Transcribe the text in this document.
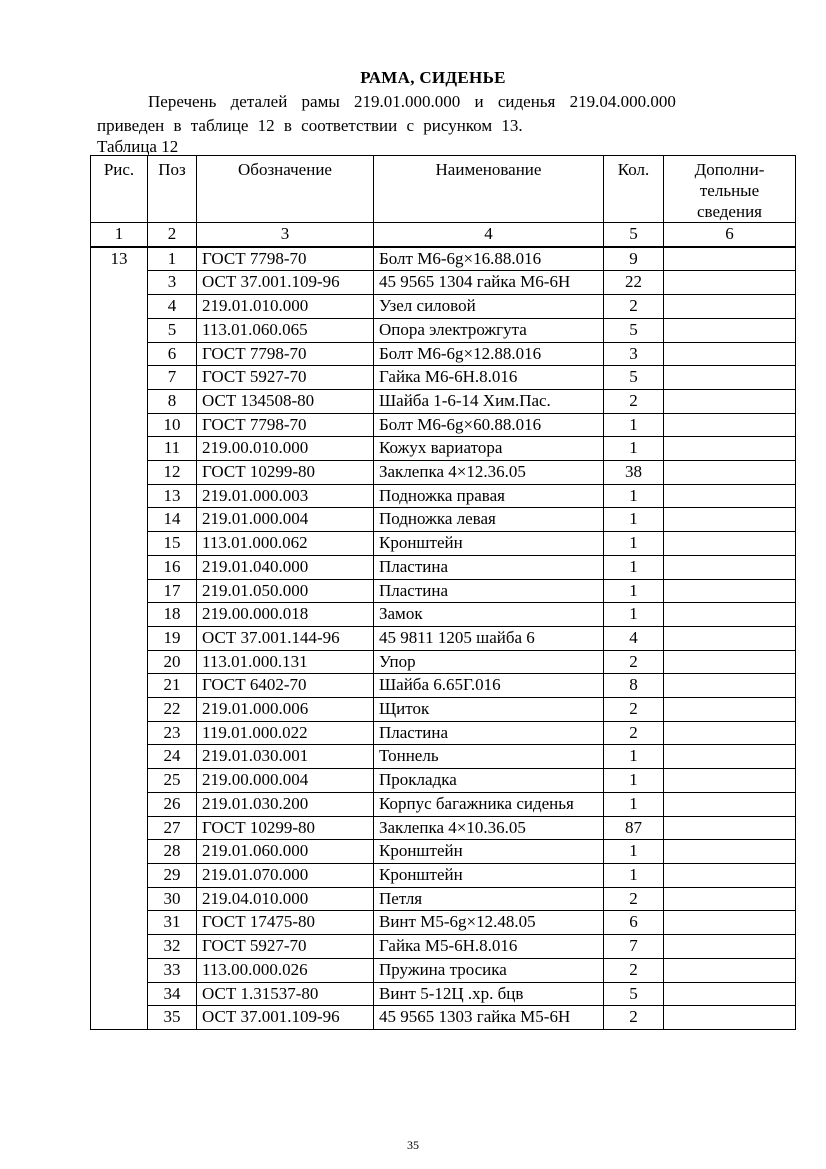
РАМА, СИДЕНЬЕ
Перечень деталей рамы 219.01.000.000 и сиденья 219.04.000.000
приведен в таблице 12 в соответствии с рисунком 13.
Таблица 12
Рис.	Поз	Обозначение	Наименование	Кол.	Дополни-тельные сведения
1	2	3	4	5	6
13	1	ГОСТ 7798-70	Болт М6-6g×16.88.016	9	
	3	ОСТ 37.001.109-96	45 9565 1304 гайка М6-6Н	22	
	4	219.01.010.000	Узел силовой	2	
	5	113.01.060.065	Опора электрожгута	5	
	6	ГОСТ 7798-70	Болт М6-6g×12.88.016	3	
	7	ГОСТ 5927-70	Гайка М6-6Н.8.016	5	
	8	ОСТ 134508-80	Шайба 1-6-14 Хим.Пас.	2	
	10	ГОСТ 7798-70	Болт М6-6g×60.88.016	1	
	11	219.00.010.000	Кожух вариатора	1	
	12	ГОСТ 10299-80	Заклепка 4×12.36.05	38	
	13	219.01.000.003	Подножка правая	1	
	14	219.01.000.004	Подножка левая	1	
	15	113.01.000.062	Кронштейн	1	
	16	219.01.040.000	Пластина	1	
	17	219.01.050.000	Пластина	1	
	18	219.00.000.018	Замок	1	
	19	ОСТ 37.001.144-96	45 9811 1205 шайба 6	4	
	20	113.01.000.131	Упор	2	
	21	ГОСТ 6402-70	Шайба 6.65Г.016	8	
	22	219.01.000.006	Щиток	2	
	23	119.01.000.022	Пластина	2	
	24	219.01.030.001	Тоннель	1	
	25	219.00.000.004	Прокладка	1	
	26	219.01.030.200	Корпус багажника сиденья	1	
	27	ГОСТ 10299-80	Заклепка 4×10.36.05	87	
	28	219.01.060.000	Кронштейн	1	
	29	219.01.070.000	Кронштейн	1	
	30	219.04.010.000	Петля	2	
	31	ГОСТ 17475-80	Винт М5-6g×12.48.05	6	
	32	ГОСТ 5927-70	Гайка М5-6Н.8.016	7	
	33	113.00.000.026	Пружина тросика	2	
	34	ОСТ 1.31537-80	Винт 5-12Ц .хр. бцв	5	
	35	ОСТ 37.001.109-96	45 9565 1303 гайка М5-6Н	2	
35
